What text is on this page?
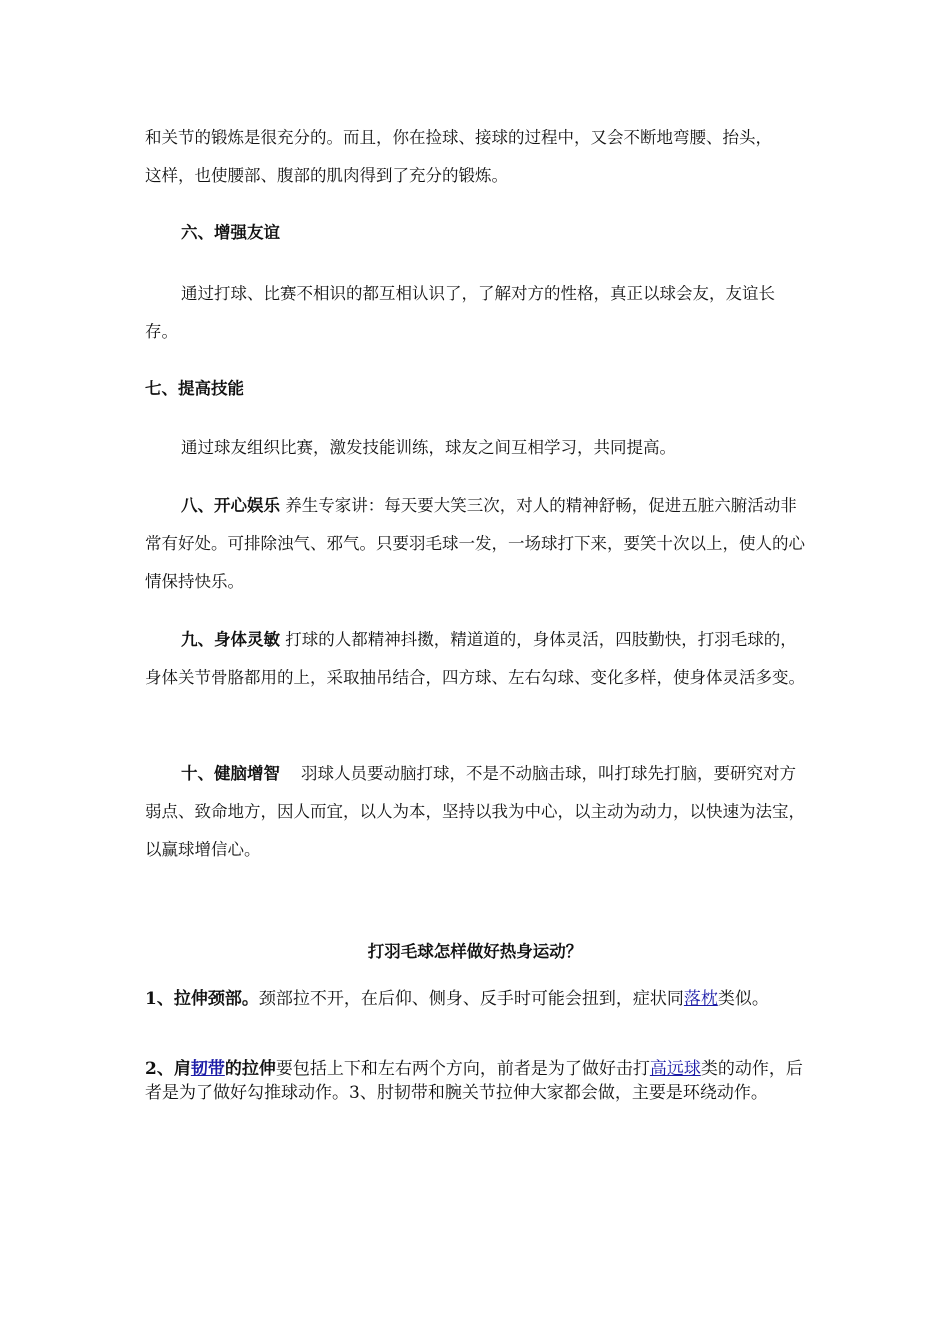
和关节的锻炼是很充分的。而且，你在捡球、接球的过程中，又会不断地弯腰、抬头，
这样，也使腰部、腹部的肌肉得到了充分的锻炼。

六、增强友谊

通过打球、比赛不相识的都互相认识了，了解对方的性格，真正以球会友，友谊长存。

七、提高技能

通过球友组织比赛，激发技能训练，球友之间互相学习，共同提高。

八、开心娱乐 养生专家讲：每天要大笑三次，对人的精神舒畅，促进五脏六腑活动非常有好处。可排除浊气、邪气。只要羽毛球一发，一场球打下来，要笑十次以上，使人的心情保持快乐。

九、身体灵敏 打球的人都精神抖擞，精道道的，身体灵活，四肢勤快，打羽毛球的，身体关节骨胳都用的上，采取抽吊结合，四方球、左右勾球、变化多样，使身体灵活多变。

十、健脑增智    羽球人员要动脑打球，不是不动脑击球，叫打球先打脑，要研究对方弱点、致命地方，因人而宜，以人为本，坚持以我为中心，以主动为动力，以快速为法宝，以赢球增信心。

打羽毛球怎样做好热身运动？

1、拉伸颈部。颈部拉不开，在后仰、侧身、反手时可能会扭到，症状同落枕类似。

2、肩韧带的拉伸要包括上下和左右两个方向，前者是为了做好击打高远球类的动作，后者是为了做好勾推球动作。3、肘韧带和腕关节拉伸大家都会做，主要是环绕动作。
